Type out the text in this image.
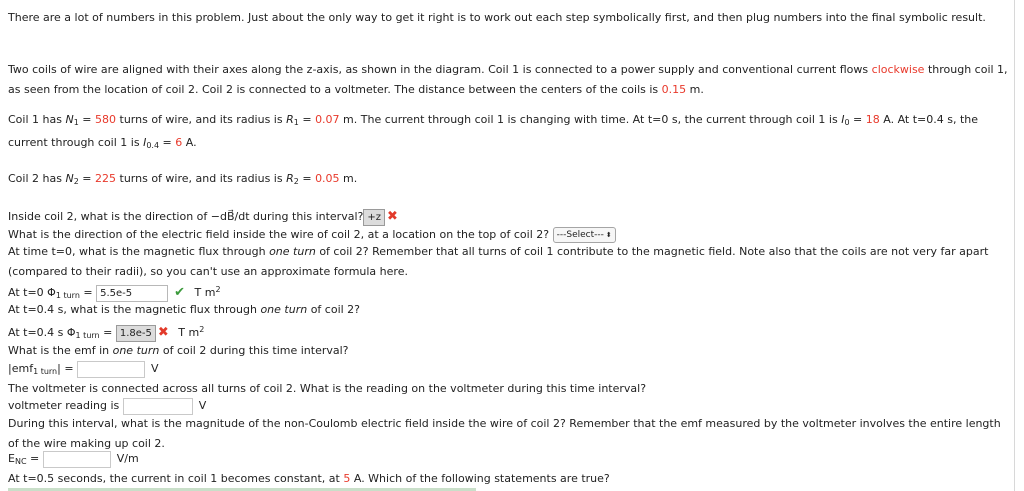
There are a lot of numbers in this problem. Just about the only way to get it right is to work out each step symbolically first, and then plug numbers into the final symbolic result.

Two coils of wire are aligned with their axes along the z-axis, as shown in the diagram. Coil 1 is connected to a power supply and conventional current flows clockwise through coil 1, as seen from the location of coil 2. Coil 2 is connected to a voltmeter. The distance between the centers of the coils is 0.15 m.

Coil 1 has $N_1 = 580$ turns of wire, and its radius is $R_1 = 0.07$ m. The current through coil 1 is changing with time. At t=0 s, the current through coil 1 is $I_0 = 18$ A. At t=0.4 s, the current through coil 1 is $I_{0.4} = 6$ A.

Coil 2 has $N_2 = 225$ turns of wire, and its radius is $R_2 = 0.05$ m.

Inside coil 2, what is the direction of −dB⃗/dt during this interval? +z ✖

What is the direction of the electric field inside the wire of coil 2, at a location on the top of coil 2? ---Select--- ⬍

At time t=0, what is the magnetic flux through one turn of coil 2? Remember that all turns of coil 1 contribute to the magnetic field. Note also that the coils are not very far apart (compared to their radii), so you can't use an approximate formula here.

At t=0 $\Phi_{1 turn} = 5.5e-5$	✔ T $m^2$

At t=0.4 s, what is the magnetic flux through one turn of coil 2?

At t=0.4 s $\Phi_{1 turn} = 1.8e-5$ ✖ T $m^2$

What is the emf in one turn of coil 2 during this time interval?

|emf$_{1 turn}$| =	V

The voltmeter is connected across all turns of coil 2. What is the reading on the voltmeter during this time interval?

voltmeter reading is	V

During this interval, what is the magnitude of the non-Coulomb electric field inside the wire of coil 2? Remember that the emf measured by the voltmeter involves the entire length of the wire making up coil 2.

$E_{NC}$ =	V/m

At t=0.5 seconds, the current in coil 1 becomes constant, at 5 A. Which of the following statements are true?
